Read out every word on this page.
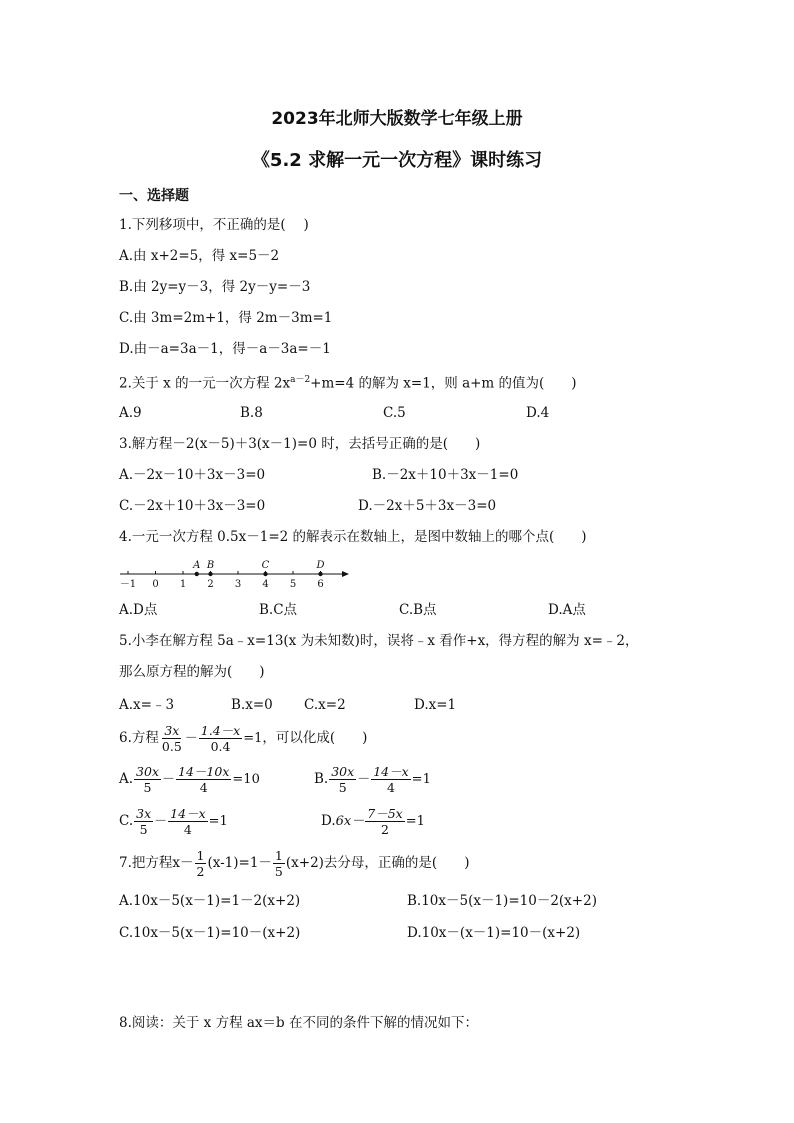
2023年北师大版数学七年级上册
《5.2 求解一元一次方程》课时练习
一、选择题
1.下列移项中，不正确的是(　 )
A.由 x+2=5，得 x=5－2
B.由 2y=y－3，得 2y－y=－3
C.由 3m=2m+1，得 2m－3m=1
D.由－a=3a－1，得－a－3a=－1
2.关于 x 的一元一次方程 $2x^{a-2}+m=4$ 的解为 x=1，则 a+m 的值为(　　)
A.9	B.8	C.5	D.4
3.解方程－2(x－5)＋3(x－1)=0 时，去括号正确的是(　　)
A.－2x－10＋3x－3=0	B.－2x＋10＋3x－1=0
C.－2x＋10＋3x－3=0	D.－2x＋5＋3x－3=0
4.一元一次方程 0.5x－1=2 的解表示在数轴上，是图中数轴上的哪个点(　　)
－1 0 1 2 3 4 5 6
A B	C	D
A.D点	B.C点	C.B点	D.A点
5.小李在解方程 5a﹣x=13(x 为未知数)时，误将﹣x 看作+x，得方程的解为 x=﹣2，
那么原方程的解为(　　)
A.x=﹣3	B.x=0 C.x=2	D.x=1
6.方程 $\frac{3x}{0.5} - \frac{1.4-x}{0.4} =1$，可以化成(　　)
A. $\frac{30x}{5} - \frac{14-10x}{4} =10$	B. $\frac{30x}{5} - \frac{14-x}{4} =1$
C. $\frac{3x}{5} - \frac{14-x}{4} =1$	$D.6x- \frac{7-5x}{2} =1$
7.把方程$x- \frac{1}{2} (x-1)=1- \frac{1}{5} (x+2)$去分母，正确的是(　　)
A.10x－5(x－1)=1－2(x+2)	B.10x－5(x－1)=10－2(x+2)
C.10x－5(x－1)=10－(x+2)	D.10x－(x－1)=10－(x+2)
8.阅读：关于 x 方程 ax＝b 在不同的条件下解的情况如下：
